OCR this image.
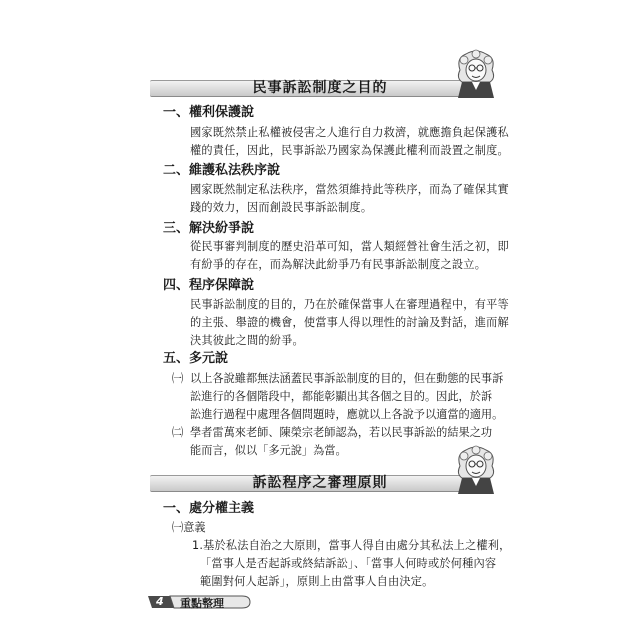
民事訴訟制度之目的
一、權利保護說
國家既然禁止私權被侵害之人進行自力救濟，就應擔負起保護私
權的責任，因此，民事訴訟乃國家為保護此權利而設置之制度。
二、維護私法秩序說
國家既然制定私法秩序，當然須維持此等秩序，而為了確保其實
踐的效力，因而創設民事訴訟制度。
三、解決紛爭說
從民事審判制度的歷史沿革可知，當人類經營社會生活之初，即
有紛爭的存在，而為解決此紛爭乃有民事訴訟制度之設立。
四、程序保障說
民事訴訟制度的目的，乃在於確保當事人在審理過程中，有平等
的主張、舉證的機會，使當事人得以理性的討論及對話，進而解
決其彼此之間的紛爭。
五、多元說
㈠ 以上各說雖都無法涵蓋民事訴訟制度的目的，但在動態的民事訴
訟進行的各個階段中，都能彰顯出其各個之目的。因此，於訴
訟進行過程中處理各個問題時，應就以上各說予以適當的適用。
㈡ 學者雷萬來老師、陳榮宗老師認為，若以民事訴訟的結果之功
能而言，似以「多元說」為當。
訴訟程序之審理原則
一、處分權主義
㈠意義
1.基於私法自治之大原則，當事人得自由處分其私法上之權利，
「當事人是否起訴或終結訴訟」、「當事人何時或於何種內容
範圍對何人起訴」，原則上由當事人自由決定。
4 重點整理
